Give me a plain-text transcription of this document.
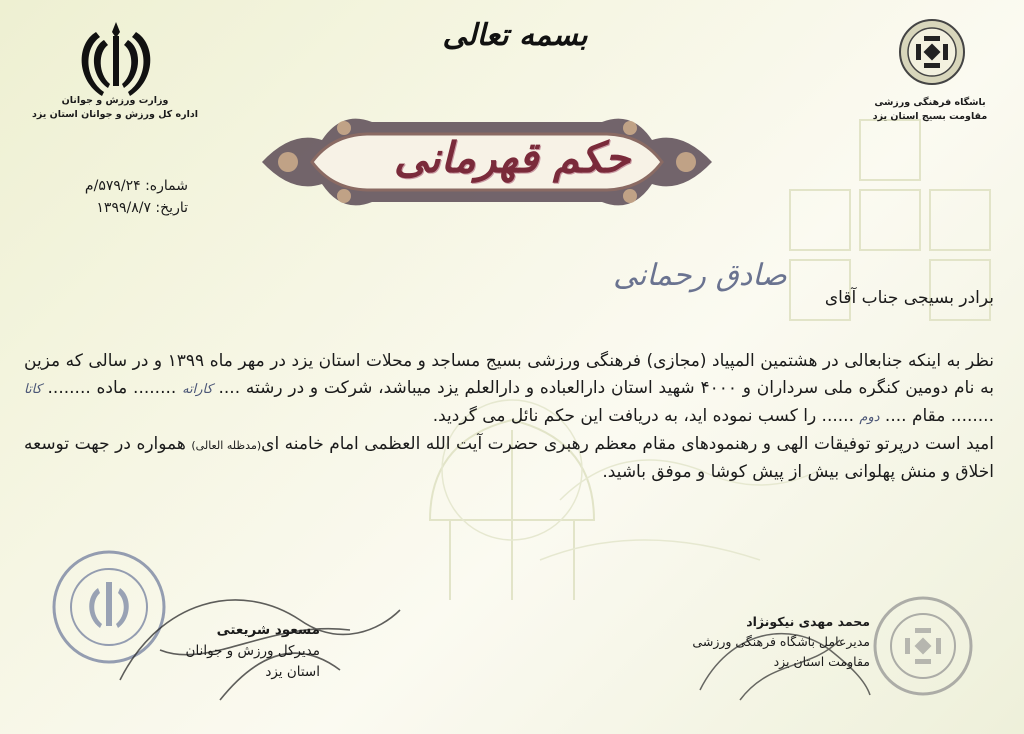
بسمه تعالی
وزارت ورزش و جوانان
اداره کل ورزش و جوانان استان یزد
باشگاه فرهنگی ورزشی
مقاومت بسیج استان یزد
حکم قهرمانی
شماره: ۵۷۹/۲۴/م
تاریخ: ۱۳۹۹/۸/۷
صادق رحمانی
برادر بسیجی جناب آقای

نظر به اینکه جنابعالی در هشتمین المپیاد (مجازی) فرهنگی ورزشی بسیج مساجد و محلات استان یزد در مهر ماه ۱۳۹۹ و در سالی که مزین به نام دومین کنگره ملی سرداران و ۴۰۰۰ شهید استان دارالعباده و دارالعلم یزد میباشد، شرکت و در رشته .... کاراته ........ ماده ........ کاتا ........ مقام .... دوم ...... را کسب نموده اید، به دریافت این حکم نائل می گردید.

امید است درپرتو توفیقات الهی و رهنمودهای مقام معظم رهبری حضرت آیت الله العظمی امام خامنه ای(مدظله العالی) همواره در جهت توسعه اخلاق و منش پهلوانی بیش از پیش کوشا و موفق باشید.

مسعود شریعتی
مدیرکل ورزش و جوانان
استان یزد
محمد مهدی نیکونژاد
مدیرعامل باشگاه فرهنگی ورزشی
مقاومت استان یزد
